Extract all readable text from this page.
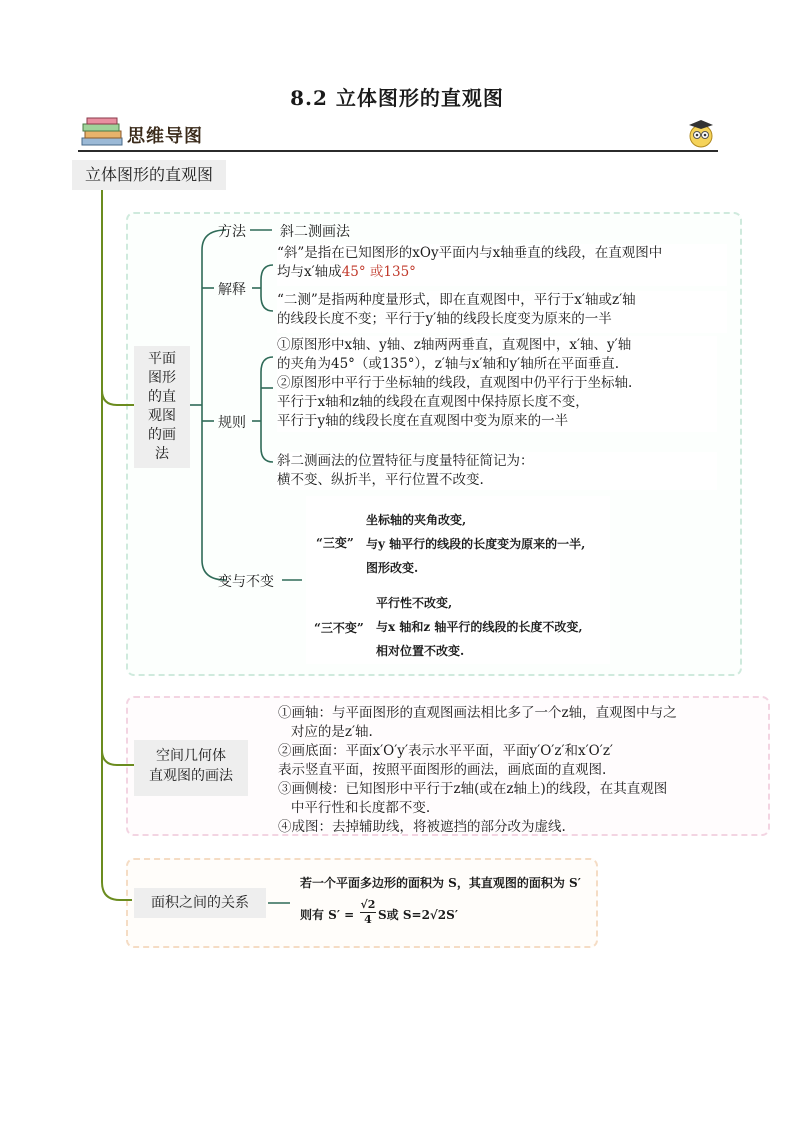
8.2 立体图形的直观图
思维导图
立体图形的直观图
平面
图形
的直
观图
的画
法
方法 斜二测画法
解释
“斜”是指在已知图形的xOy平面内与x轴垂直的线段，在直观图中
均与x′轴成45° 或135°
“二测”是指两种度量形式，即在直观图中，平行于x′轴或z′轴
的线段长度不变；平行于y′轴的线段长度变为原来的一半
规则
①原图形中x轴、y轴、z轴两两垂直，直观图中，x′轴、y′轴
的夹角为45°（或135°），z′轴与x′轴和y′轴所在平面垂直.
②原图形中平行于坐标轴的线段，直观图中仍平行于坐标轴.
平行于x轴和z轴的线段在直观图中保持原长度不变，
平行于y轴的线段长度在直观图中变为原来的一半
斜二测画法的位置特征与度量特征简记为：
横不变、纵折半，平行位置不改变.
变与不变
“三变”
坐标轴的夹角改变,
与y 轴平行的线段的长度变为原来的一半,
图形改变.
“三不变”
平行性不改变,
与x 轴和z 轴平行的线段的长度不改变,
相对位置不改变.
空间几何体
直观图的画法
①画轴：与平面图形的直观图画法相比多了一个z轴，直观图中与之
对应的是z′轴.
②画底面：平面x′O′y′表示水平平面，平面y′O′z′和x′O′z′
表示竖直平面，按照平面图形的画法，画底面的直观图.
③画侧棱：已知图形中平行于z轴(或在z轴上)的线段，在其直观图
中平行性和长度都不变.
④成图：去掉辅助线，将被遮挡的部分改为虚线.
面积之间的关系
若一个平面多边形的面积为 S，其直观图的面积为 S′
则有 $S' = \frac{√2}{4}$ S或 S=2√2S′
